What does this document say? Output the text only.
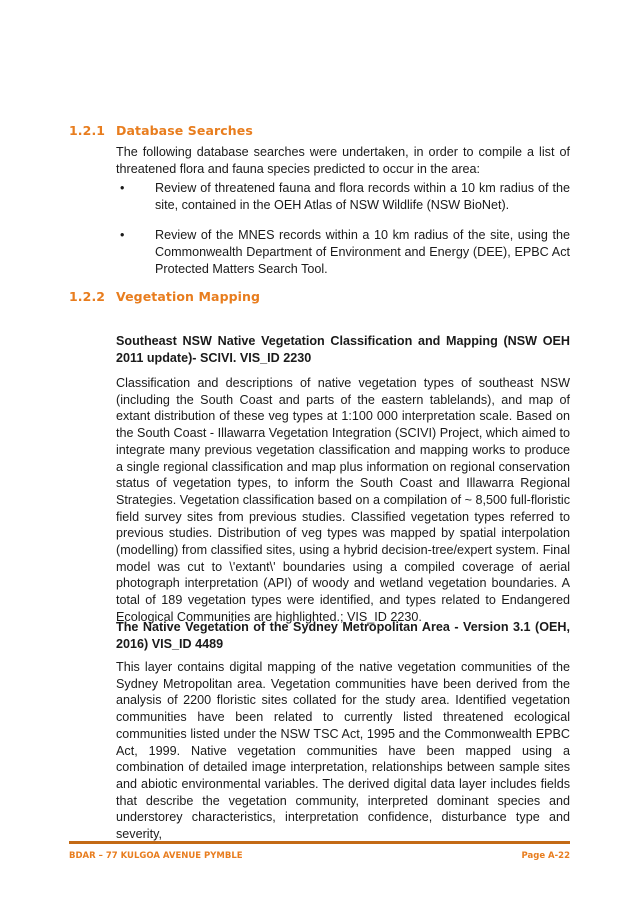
1.2.1 Database Searches
The following database searches were undertaken, in order to compile a list of threatened flora and fauna species predicted to occur in the area:
• Review of threatened fauna and flora records within a 10 km radius of the site, contained in the OEH Atlas of NSW Wildlife (NSW BioNet).
• Review of the MNES records within a 10 km radius of the site, using the Commonwealth Department of Environment and Energy (DEE), EPBC Act Protected Matters Search Tool.
1.2.2 Vegetation Mapping
Southeast NSW Native Vegetation Classification and Mapping (NSW OEH 2011 update)- SCIVI. VIS_ID 2230
Classification and descriptions of native vegetation types of southeast NSW (including the South Coast and parts of the eastern tablelands), and map of extant distribution of these veg types at 1:100 000 interpretation scale. Based on the South Coast - Illawarra Vegetation Integration (SCIVI) Project, which aimed to integrate many previous vegetation classification and mapping works to produce a single regional classification and map plus information on regional conservation status of vegetation types, to inform the South Coast and Illawarra Regional Strategies. Vegetation classification based on a compilation of ~ 8,500 full-floristic field survey sites from previous studies. Classified vegetation types referred to previous studies. Distribution of veg types was mapped by spatial interpolation (modelling) from classified sites, using a hybrid decision-tree/expert system. Final model was cut to \'extant\' boundaries using a compiled coverage of aerial photograph interpretation (API) of woody and wetland vegetation boundaries. A total of 189 vegetation types were identified, and types related to Endangered Ecological Communities are highlighted.; VIS_ID 2230.
The Native Vegetation of the Sydney Metropolitan Area - Version 3.1 (OEH, 2016) VIS_ID 4489
This layer contains digital mapping of the native vegetation communities of the Sydney Metropolitan area. Vegetation communities have been derived from the analysis of 2200 floristic sites collated for the study area. Identified vegetation communities have been related to currently listed threatened ecological communities listed under the NSW TSC Act, 1995 and the Commonwealth EPBC Act, 1999. Native vegetation communities have been mapped using a combination of detailed image interpretation, relationships between sample sites and abiotic environmental variables. The derived digital data layer includes fields that describe the vegetation community, interpreted dominant species and understorey characteristics, interpretation confidence, disturbance type and severity,
BDAR – 77 KULGOA AVENUE PYMBLE	Page A-22
